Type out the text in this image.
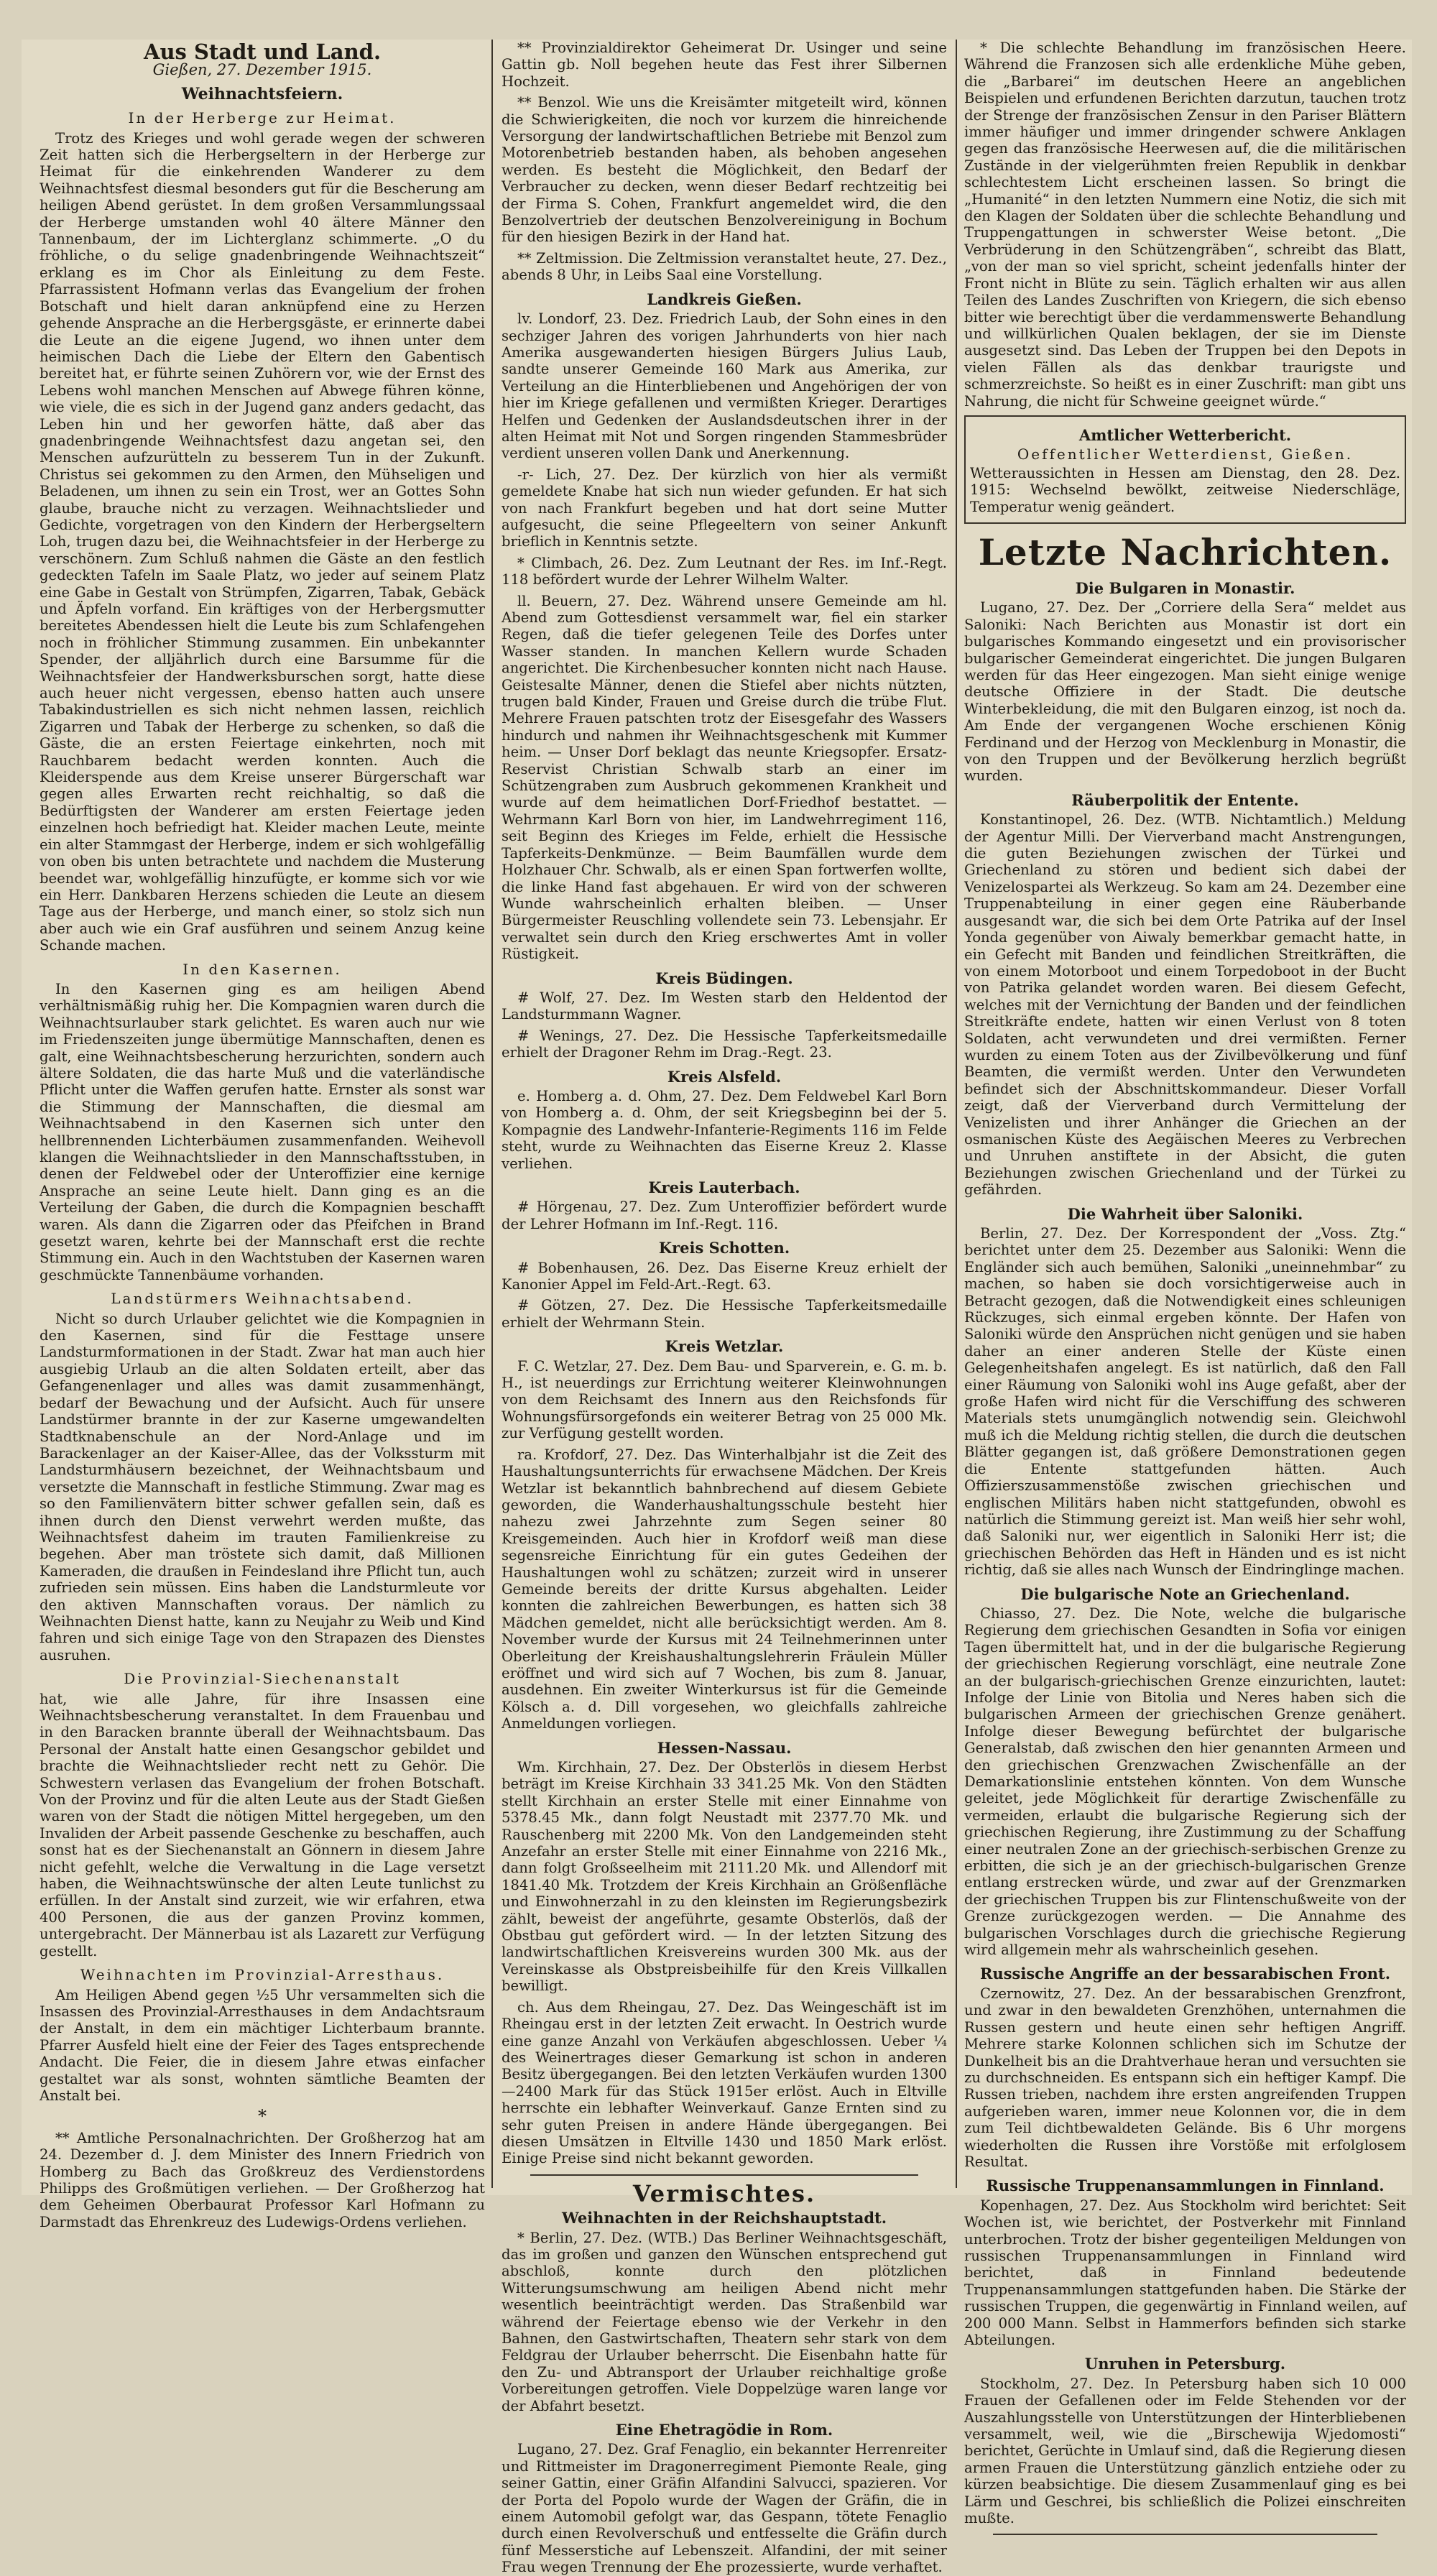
Aus Stadt und Land.
Gießen, 27. Dezember 1915.
Weihnachtsfeiern.
In der Herberge zur Heimat.

Trotz des Krieges und wohl gerade wegen der schweren Zeit hatten sich die Herbergseltern in der Herberge zur Heimat für die einkehrenden Wanderer zu dem Weihnachtsfest diesmal besonders gut für die Bescherung am heiligen Abend gerüstet. In dem großen Versammlungssaal der Herberge umstanden wohl 40 ältere Männer den Tannenbaum, der im Lichterglanz schimmerte. „O du fröhliche, o du selige gnadenbringende Weihnachtszeit“ erklang es im Chor als Einleitung zu dem Feste. Pfarrassistent Hofmann verlas das Evangelium der frohen Botschaft und hielt daran anknüpfend eine zu Herzen gehende Ansprache an die Herbergsgäste, er erinnerte dabei die Leute an die eigene Jugend, wo ihnen unter dem heimischen Dach die Liebe der Eltern den Gabentisch bereitet hat, er führte seinen Zuhörern vor, wie der Ernst des Lebens wohl manchen Menschen auf Abwege führen könne, wie viele, die es sich in der Jugend ganz anders gedacht, das Leben hin und her geworfen hätte, daß aber das gnadenbringende Weihnachtsfest dazu angetan sei, den Menschen aufzurütteln zu besserem Tun in der Zukunft. Christus sei gekommen zu den Armen, den Mühseligen und Beladenen, um ihnen zu sein ein Trost, wer an Gottes Sohn glaube, brauche nicht zu verzagen. Weihnachtslieder und Gedichte, vorgetragen von den Kindern der Herbergseltern Loh, trugen dazu bei, die Weihnachtsfeier in der Herberge zu verschönern. Zum Schluß nahmen die Gäste an den festlich gedeckten Tafeln im Saale Platz, wo jeder auf seinem Platz eine Gabe in Gestalt von Strümpfen, Zigarren, Tabak, Gebäck und Äpfeln vorfand. Ein kräftiges von der Herbergsmutter bereitetes Abendessen hielt die Leute bis zum Schlafengehen noch in fröhlicher Stimmung zusammen. Ein unbekannter Spender, der alljährlich durch eine Barsumme für die Weihnachtsfeier der Handwerksburschen sorgt, hatte diese auch heuer nicht vergessen, ebenso hatten auch unsere Tabakindustriellen es sich nicht nehmen lassen, reichlich Zigarren und Tabak der Herberge zu schenken, so daß die Gäste, die an ersten Feiertage einkehrten, noch mit Rauchbarem bedacht werden konnten. Auch die Kleiderspende aus dem Kreise unserer Bürgerschaft war gegen alles Erwarten recht reichhaltig, so daß die Bedürftigsten der Wanderer am ersten Feiertage jeden einzelnen hoch befriedigt hat. Kleider machen Leute, meinte ein alter Stammgast der Herberge, indem er sich wohlgefällig von oben bis unten betrachtete und nachdem die Musterung beendet war, wohlgefällig hinzufügte, er komme sich vor wie ein Herr. Dankbaren Herzens schieden die Leute an diesem Tage aus der Herberge, und manch einer, so stolz sich nun aber auch wie ein Graf ausführen und seinem Anzug keine Schande machen.

In den Kasernen.

In den Kasernen ging es am heiligen Abend verhältnismäßig ruhig her. Die Kompagnien waren durch die Weihnachtsurlauber stark gelichtet. Es waren auch nur wie im Friedenszeiten junge übermütige Mannschaften, denen es galt, eine Weihnachtsbescherung herzurichten, sondern auch ältere Soldaten, die das harte Muß und die vaterländische Pflicht unter die Waffen gerufen hatte. Ernster als sonst war die Stimmung der Mannschaften, die diesmal am Weihnachtsabend in den Kasernen sich unter den hellbrennenden Lichterbäumen zusammenfanden. Weihevoll klangen die Weihnachtslieder in den Mannschaftsstuben, in denen der Feldwebel oder der Unteroffizier eine kernige Ansprache an seine Leute hielt. Dann ging es an die Verteilung der Gaben, die durch die Kompagnien beschafft waren. Als dann die Zigarren oder das Pfeifchen in Brand gesetzt waren, kehrte bei der Mannschaft erst die rechte Stimmung ein. Auch in den Wachtstuben der Kasernen waren geschmückte Tannenbäume vorhanden.

Landstürmers Weihnachtsabend.

Nicht so durch Urlauber gelichtet wie die Kompagnien in den Kasernen, sind für die Festtage unsere Landsturmformationen in der Stadt. Zwar hat man auch hier ausgiebig Urlaub an die alten Soldaten erteilt, aber das Gefangenenlager und alles was damit zusammenhängt, bedarf der Bewachung und der Aufsicht. Auch für unsere Landstürmer brannte in der zur Kaserne umgewandelten Stadtknabenschule an der Nord-Anlage und im Barackenlager an der Kaiser-Allee, das der Volkssturm mit Landsturmhäusern bezeichnet, der Weihnachtsbaum und versetzte die Mannschaft in festliche Stimmung. Zwar mag es so den Familienvätern bitter schwer gefallen sein, daß es ihnen durch den Dienst verwehrt werden mußte, das Weihnachtsfest daheim im trauten Familienkreise zu begehen. Aber man tröstete sich damit, daß Millionen Kameraden, die draußen in Feindesland ihre Pflicht tun, auch zufrieden sein müssen. Eins haben die Landsturmleute vor den aktiven Mannschaften voraus. Der nämlich zu Weihnachten Dienst hatte, kann zu Neujahr zu Weib und Kind fahren und sich einige Tage von den Strapazen des Dienstes ausruhen.

Die Provinzial-Siechenanstalt

hat, wie alle Jahre, für ihre Insassen eine Weihnachtsbescherung veranstaltet. In dem Frauenbau und in den Baracken brannte überall der Weihnachtsbaum. Das Personal der Anstalt hatte einen Gesangschor gebildet und brachte die Weihnachtslieder recht nett zu Gehör. Die Schwestern verlasen das Evangelium der frohen Botschaft. Von der Provinz und für die alten Leute aus der Stadt Gießen waren von der Stadt die nötigen Mittel hergegeben, um den Invaliden der Arbeit passende Geschenke zu beschaffen, auch sonst hat es der Siechenanstalt an Gönnern in diesem Jahre nicht gefehlt, welche die Verwaltung in die Lage versetzt haben, die Weihnachtswünsche der alten Leute tunlichst zu erfüllen. In der Anstalt sind zurzeit, wie wir erfahren, etwa 400 Personen, die aus der ganzen Provinz kommen, untergebracht. Der Männerbau ist als Lazarett zur Verfügung gestellt.

Weihnachten im Provinzial-Arresthaus.

Am Heiligen Abend gegen ½5 Uhr versammelten sich die Insassen des Provinzial-Arresthauses in dem Andachtsraum der Anstalt, in dem ein mächtiger Lichterbaum brannte. Pfarrer Ausfeld hielt eine der Feier des Tages entsprechende Andacht. Die Feier, die in diesem Jahre etwas einfacher gestaltet war als sonst, wohnten sämtliche Beamten der Anstalt bei.

*

** Amtliche Personalnachrichten. Der Großherzog hat am 24. Dezember d. J. dem Minister des Innern Friedrich von Homberg zu Bach das Großkreuz des Verdienstordens Philipps des Großmütigen verliehen. — Der Großherzog hat dem Geheimen Oberbaurat Professor Karl Hofmann zu Darmstadt das Ehrenkreuz des Ludewigs-Ordens verliehen.

** Provinzialdirektor Geheimerat Dr. Usinger und seine Gattin gb. Noll begehen heute das Fest ihrer Silbernen Hochzeit.

** Benzol. Wie uns die Kreisämter mitgeteilt wird, können die Schwierigkeiten, die noch vor kurzem die hinreichende Versorgung der landwirtschaftlichen Betriebe mit Benzol zum Motorenbetrieb bestanden haben, als behoben angesehen werden. Es besteht die Möglichkeit, den Bedarf der Verbraucher zu decken, wenn dieser Bedarf rechtzeitig bei der Firma S. Cohen, Frankfurt angemeldet wird, die den Benzolvertrieb der deutschen Benzolvereinigung in Bochum für den hiesigen Bezirk in der Hand hat.

** Zeltmission. Die Zeltmission veranstaltet heute, 27. Dez., abends 8 Uhr, in Leibs Saal eine Vorstellung.

Landkreis Gießen.

lv. Londorf, 23. Dez. Friedrich Laub, der Sohn eines in den sechziger Jahren des vorigen Jahrhunderts von hier nach Amerika ausgewanderten hiesigen Bürgers Julius Laub, sandte unserer Gemeinde 160 Mark aus Amerika, zur Verteilung an die Hinterbliebenen und Angehörigen der von hier im Kriege gefallenen und vermißten Krieger. Derartiges Helfen und Gedenken der Auslandsdeutschen ihrer in der alten Heimat mit Not und Sorgen ringenden Stammesbrüder verdient unseren vollen Dank und Anerkennung.

-r- Lich, 27. Dez. Der kürzlich von hier als vermißt gemeldete Knabe hat sich nun wieder gefunden. Er hat sich von nach Frankfurt begeben und hat dort seine Mutter aufgesucht, die seine Pflegeeltern von seiner Ankunft brieflich in Kenntnis setzte.

* Climbach, 26. Dez. Zum Leutnant der Res. im Inf.-Regt. 118 befördert wurde der Lehrer Wilhelm Walter.

ll. Beuern, 27. Dez. Während unsere Gemeinde am hl. Abend zum Gottesdienst versammelt war, fiel ein starker Regen, daß die tiefer gelegenen Teile des Dorfes unter Wasser standen. In manchen Kellern wurde Schaden angerichtet. Die Kirchenbesucher konnten nicht nach Hause. Geistesalte Männer, denen die Stiefel aber nichts nützten, trugen bald Kinder, Frauen und Greise durch die trübe Flut. Mehrere Frauen patschten trotz der Eisesgefahr des Wassers hindurch und nahmen ihr Weihnachtsgeschenk mit Kummer heim. — Unser Dorf beklagt das neunte Kriegsopfer. Ersatz-Reservist Christian Schwalb starb an einer im Schützengraben zum Ausbruch gekommenen Krankheit und wurde auf dem heimatlichen Dorf-Friedhof bestattet. — Wehrmann Karl Born von hier, im Landwehrregiment 116, seit Beginn des Krieges im Felde, erhielt die Hessische Tapferkeits-Denkmünze. — Beim Baumfällen wurde dem Holzhauer Chr. Schwalb, als er einen Span fortwerfen wollte, die linke Hand fast abgehauen. Er wird von der schweren Wunde wahrscheinlich erhalten bleiben. — Unser Bürgermeister Reuschling vollendete sein 73. Lebensjahr. Er verwaltet sein durch den Krieg erschwertes Amt in voller Rüstigkeit.

Kreis Büdingen.

# Wolf, 27. Dez. Im Westen starb den Heldentod der Landsturmmann Wagner.

# Wenings, 27. Dez. Die Hessische Tapferkeitsmedaille erhielt der Dragoner Rehm im Drag.-Regt. 23.

Kreis Alsfeld.

e. Homberg a. d. Ohm, 27. Dez. Dem Feldwebel Karl Born von Homberg a. d. Ohm, der seit Kriegsbeginn bei der 5. Kompagnie des Landwehr-Infanterie-Regiments 116 im Felde steht, wurde zu Weihnachten das Eiserne Kreuz 2. Klasse verliehen.

Kreis Lauterbach.

# Hörgenau, 27. Dez. Zum Unteroffizier befördert wurde der Lehrer Hofmann im Inf.-Regt. 116.

Kreis Schotten.

# Bobenhausen, 26. Dez. Das Eiserne Kreuz erhielt der Kanonier Appel im Feld-Art.-Regt. 63.

# Götzen, 27. Dez. Die Hessische Tapferkeitsmedaille erhielt der Wehrmann Stein.

Kreis Wetzlar.

F. C. Wetzlar, 27. Dez. Dem Bau- und Sparverein, e. G. m. b. H., ist neuerdings zur Errichtung weiterer Kleinwohnungen von dem Reichsamt des Innern aus den Reichsfonds für Wohnungsfürsorgefonds ein weiterer Betrag von 25 000 Mk. zur Verfügung gestellt worden.

ra. Krofdorf, 27. Dez. Das Winterhalbjahr ist die Zeit des Haushaltungsunterrichts für erwachsene Mädchen. Der Kreis Wetzlar ist bekanntlich bahnbrechend auf diesem Gebiete geworden, die Wanderhaushaltungsschule besteht hier nahezu zwei Jahrzehnte zum Segen seiner 80 Kreisgemeinden. Auch hier in Krofdorf weiß man diese segensreiche Einrichtung für ein gutes Gedeihen der Haushaltungen wohl zu schätzen; zurzeit wird in unserer Gemeinde bereits der dritte Kursus abgehalten. Leider konnten die zahlreichen Bewerbungen, es hatten sich 38 Mädchen gemeldet, nicht alle berücksichtigt werden. Am 8. November wurde der Kursus mit 24 Teilnehmerinnen unter Oberleitung der Kreishaushaltungslehrerin Fräulein Müller eröffnet und wird sich auf 7 Wochen, bis zum 8. Januar, ausdehnen. Ein zweiter Winterkursus ist für die Gemeinde Kölsch a. d. Dill vorgesehen, wo gleichfalls zahlreiche Anmeldungen vorliegen.

Hessen-Nassau.

Wm. Kirchhain, 27. Dez. Der Obsterlös in diesem Herbst beträgt im Kreise Kirchhain 33 341.25 Mk. Von den Städten stellt Kirchhain an erster Stelle mit einer Einnahme von 5378.45 Mk., dann folgt Neustadt mit 2377.70 Mk. und Rauschenberg mit 2200 Mk. Von den Landgemeinden steht Anzefahr an erster Stelle mit einer Einnahme von 2216 Mk., dann folgt Großseelheim mit 2111.20 Mk. und Allendorf mit 1841.40 Mk. Trotzdem der Kreis Kirchhain an Größenfläche und Einwohnerzahl in zu den kleinsten im Regierungsbezirk zählt, beweist der angeführte, gesamte Obsterlös, daß der Obstbau gut gefördert wird. — In der letzten Sitzung des landwirtschaftlichen Kreisvereins wurden 300 Mk. aus der Vereinskasse als Obstpreisbeihilfe für den Kreis Villkallen bewilligt.

ch. Aus dem Rheingau, 27. Dez. Das Weingeschäft ist im Rheingau erst in der letzten Zeit erwacht. In Oestrich wurde eine ganze Anzahl von Verkäufen abgeschlossen. Ueber ¼ des Weinertrages dieser Gemarkung ist schon in anderen Besitz übergegangen. Bei den letzten Verkäufen wurden 1300—2400 Mark für das Stück 1915er erlöst. Auch in Eltville herrschte ein lebhafter Weinverkauf. Ganze Ernten sind zu sehr guten Preisen in andere Hände übergegangen. Bei diesen Umsätzen in Eltville 1430 und 1850 Mark erlöst. Einige Preise sind nicht bekannt geworden.

Vermischtes.
Weihnachten in der Reichshauptstadt.

* Berlin, 27. Dez. (WTB.) Das Berliner Weihnachtsgeschäft, das im großen und ganzen den Wünschen entsprechend gut abschloß, konnte durch den plötzlichen Witterungsumschwung am heiligen Abend nicht mehr wesentlich beeinträchtigt werden. Das Straßenbild war während der Feiertage ebenso wie der Verkehr in den Bahnen, den Gastwirtschaften, Theatern sehr stark von dem Feldgrau der Urlauber beherrscht. Die Eisenbahn hatte für den Zu- und Abtransport der Urlauber reichhaltige große Vorbereitungen getroffen. Viele Doppelzüge waren lange vor der Abfahrt besetzt.

Eine Ehetragödie in Rom.

Lugano, 27. Dez. Graf Fenaglio, ein bekannter Herrenreiter und Rittmeister im Dragonerregiment Piemonte Reale, ging seiner Gattin, einer Gräfin Alfandini Salvucci, spazieren. Vor der Porta del Popolo wurde der Wagen der Gräfin, die in einem Automobil gefolgt war, das Gespann, tötete Fenaglio durch einen Revolverschuß und entfesselte die Gräfin durch fünf Messerstiche auf Lebenszeit. Alfandini, der mit seiner Frau wegen Trennung der Ehe prozessierte, wurde verhaftet.

* Die schlechte Behandlung im französischen Heere. Während die Franzosen sich alle erdenkliche Mühe geben, die „Barbarei“ im deutschen Heere an angeblichen Beispielen und erfundenen Berichten darzutun, tauchen trotz der Strenge der französischen Zensur in den Pariser Blättern immer häufiger und immer dringender schwere Anklagen gegen das französische Heerwesen auf, die die militärischen Zustände in der vielgerühmten freien Republik in denkbar schlechtestem Licht erscheinen lassen. So bringt die „Humanité“ in den letzten Nummern eine Notiz, die sich mit den Klagen der Soldaten über die schlechte Behandlung und Truppengattungen in schwerster Weise betont. „Die Verbrüderung in den Schützengräben“, schreibt das Blatt, „von der man so viel spricht, scheint jedenfalls hinter der Front nicht in Blüte zu sein. Täglich erhalten wir aus allen Teilen des Landes Zuschriften von Kriegern, die sich ebenso bitter wie berechtigt über die verdammenswerte Behandlung und willkürlichen Qualen beklagen, der sie im Dienste ausgesetzt sind. Das Leben der Truppen bei den Depots in vielen Fällen als das denkbar traurigste und schmerzreichste. So heißt es in einer Zuschrift: man gibt uns Nahrung, die nicht für Schweine geeignet würde.“

Amtlicher Wetterbericht.
Oeffentlicher Wetterdienst, Gießen.

Wetteraussichten in Hessen am Dienstag, den 28. Dez. 1915: Wechselnd bewölkt, zeitweise Niederschläge, Temperatur wenig geändert.

Letzte Nachrichten.
Die Bulgaren in Monastir.

Lugano, 27. Dez. Der „Corriere della Sera“ meldet aus Saloniki: Nach Berichten aus Monastir ist dort ein bulgarisches Kommando eingesetzt und ein provisorischer bulgarischer Gemeinderat eingerichtet. Die jungen Bulgaren werden für das Heer eingezogen. Man sieht einige wenige deutsche Offiziere in der Stadt. Die deutsche Winterbekleidung, die mit den Bulgaren einzog, ist noch da. Am Ende der vergangenen Woche erschienen König Ferdinand und der Herzog von Mecklenburg in Monastir, die von den Truppen und der Bevölkerung herzlich begrüßt wurden.

Räuberpolitik der Entente.

Konstantinopel, 26. Dez. (WTB. Nichtamtlich.) Meldung der Agentur Milli. Der Vierverband macht Anstrengungen, die guten Beziehungen zwischen der Türkei und Griechenland zu stören und bedient sich dabei der Venizelospartei als Werkzeug. So kam am 24. Dezember eine Truppenabteilung in einer gegen eine Räuberbande ausgesandt war, die sich bei dem Orte Patrika auf der Insel Yonda gegenüber von Aiwaly bemerkbar gemacht hatte, in ein Gefecht mit Banden und feindlichen Streitkräften, die von einem Motorboot und einem Torpedoboot in der Bucht von Patrika gelandet worden waren. Bei diesem Gefecht, welches mit der Vernichtung der Banden und der feindlichen Streitkräfte endete, hatten wir einen Verlust von 8 toten Soldaten, acht verwundeten und drei vermißten. Ferner wurden zu einem Toten aus der Zivilbevölkerung und fünf Beamten, die vermißt werden. Unter den Verwundeten befindet sich der Abschnittskommandeur. Dieser Vorfall zeigt, daß der Vierverband durch Vermittelung der Venizelisten und ihrer Anhänger die Griechen an der osmanischen Küste des Aegäischen Meeres zu Verbrechen und Unruhen anstiftete in der Absicht, die guten Beziehungen zwischen Griechenland und der Türkei zu gefährden.

Die Wahrheit über Saloniki.

Berlin, 27. Dez. Der Korrespondent der „Voss. Ztg.“ berichtet unter dem 25. Dezember aus Saloniki: Wenn die Engländer sich auch bemühen, Saloniki „uneinnehmbar“ zu machen, so haben sie doch vorsichtigerweise auch in Betracht gezogen, daß die Notwendigkeit eines schleunigen Rückzuges, sich einmal ergeben könnte. Der Hafen von Saloniki würde den Ansprüchen nicht genügen und sie haben daher an einer anderen Stelle der Küste einen Gelegenheitshafen angelegt. Es ist natürlich, daß den Fall einer Räumung von Saloniki wohl ins Auge gefaßt, aber der große Hafen wird nicht für die Verschiffung des schweren Materials stets unumgänglich notwendig sein. Gleichwohl muß ich die Meldung richtig stellen, die durch die deutschen Blätter gegangen ist, daß größere Demonstrationen gegen die Entente stattgefunden hätten. Auch Offizierszusammenstöße zwischen griechischen und englischen Militärs haben nicht stattgefunden, obwohl es natürlich die Stimmung gereizt ist. Man weiß hier sehr wohl, daß Saloniki nur, wer eigentlich in Saloniki Herr ist; die griechischen Behörden das Heft in Händen und es ist nicht richtig, daß sie alles nach Wunsch der Eindringlinge machen.

Die bulgarische Note an Griechenland.

Chiasso, 27. Dez. Die Note, welche die bulgarische Regierung dem griechischen Gesandten in Sofia vor einigen Tagen übermittelt hat, und in der die bulgarische Regierung der griechischen Regierung vorschlägt, eine neutrale Zone an der bulgarisch-griechischen Grenze einzurichten, lautet: Infolge der Linie von Bitolia und Neres haben sich die bulgarischen Armeen der griechischen Grenze genähert. Infolge dieser Bewegung befürchtet der bulgarische Generalstab, daß zwischen den hier genannten Armeen und den griechischen Grenzwachen Zwischenfälle an der Demarkationslinie entstehen könnten. Von dem Wunsche geleitet, jede Möglichkeit für derartige Zwischenfälle zu vermeiden, erlaubt die bulgarische Regierung sich der griechischen Regierung, ihre Zustimmung zu der Schaffung einer neutralen Zone an der griechisch-serbischen Grenze zu erbitten, die sich je an der griechisch-bulgarischen Grenze entlang erstrecken würde, und zwar auf der Grenzmarken der griechischen Truppen bis zur Flintenschußweite von der Grenze zurückgezogen werden. — Die Annahme des bulgarischen Vorschlages durch die griechische Regierung wird allgemein mehr als wahrscheinlich gesehen.

Russische Angriffe an der bessarabischen Front.

Czernowitz, 27. Dez. An der bessarabischen Grenzfront, und zwar in den bewaldeten Grenzhöhen, unternahmen die Russen gestern und heute einen sehr heftigen Angriff. Mehrere starke Kolonnen schlichen sich im Schutze der Dunkelheit bis an die Drahtverhaue heran und versuchten sie zu durchschneiden. Es entspann sich ein heftiger Kampf. Die Russen trieben, nachdem ihre ersten angreifenden Truppen aufgerieben waren, immer neue Kolonnen vor, die in dem zum Teil dichtbewaldeten Gelände. Bis 6 Uhr morgens wiederholten die Russen ihre Vorstöße mit erfolglosem Resultat.

Russische Truppenansammlungen in Finnland.

Kopenhagen, 27. Dez. Aus Stockholm wird berichtet: Seit Wochen ist, wie berichtet, der Postverkehr mit Finnland unterbrochen. Trotz der bisher gegenteiligen Meldungen von russischen Truppenansammlungen in Finnland wird berichtet, daß in Finnland bedeutende Truppenansammlungen stattgefunden haben. Die Stärke der russischen Truppen, die gegenwärtig in Finnland weilen, auf 200 000 Mann. Selbst in Hammerfors befinden sich starke Abteilungen.

Unruhen in Petersburg.

Stockholm, 27. Dez. In Petersburg haben sich 10 000 Frauen der Gefallenen oder im Felde Stehenden vor der Auszahlungsstelle von Unterstützungen der Hinterbliebenen versammelt, weil, wie die „Birschewija Wjedomosti“ berichtet, Gerüchte in Umlauf sind, daß die Regierung diesen armen Frauen die Unterstützung gänzlich entziehe oder zu kürzen beabsichtige. Die diesem Zusammenlauf ging es bei Lärm und Geschrei, bis schließlich die Polizei einschreiten mußte.
